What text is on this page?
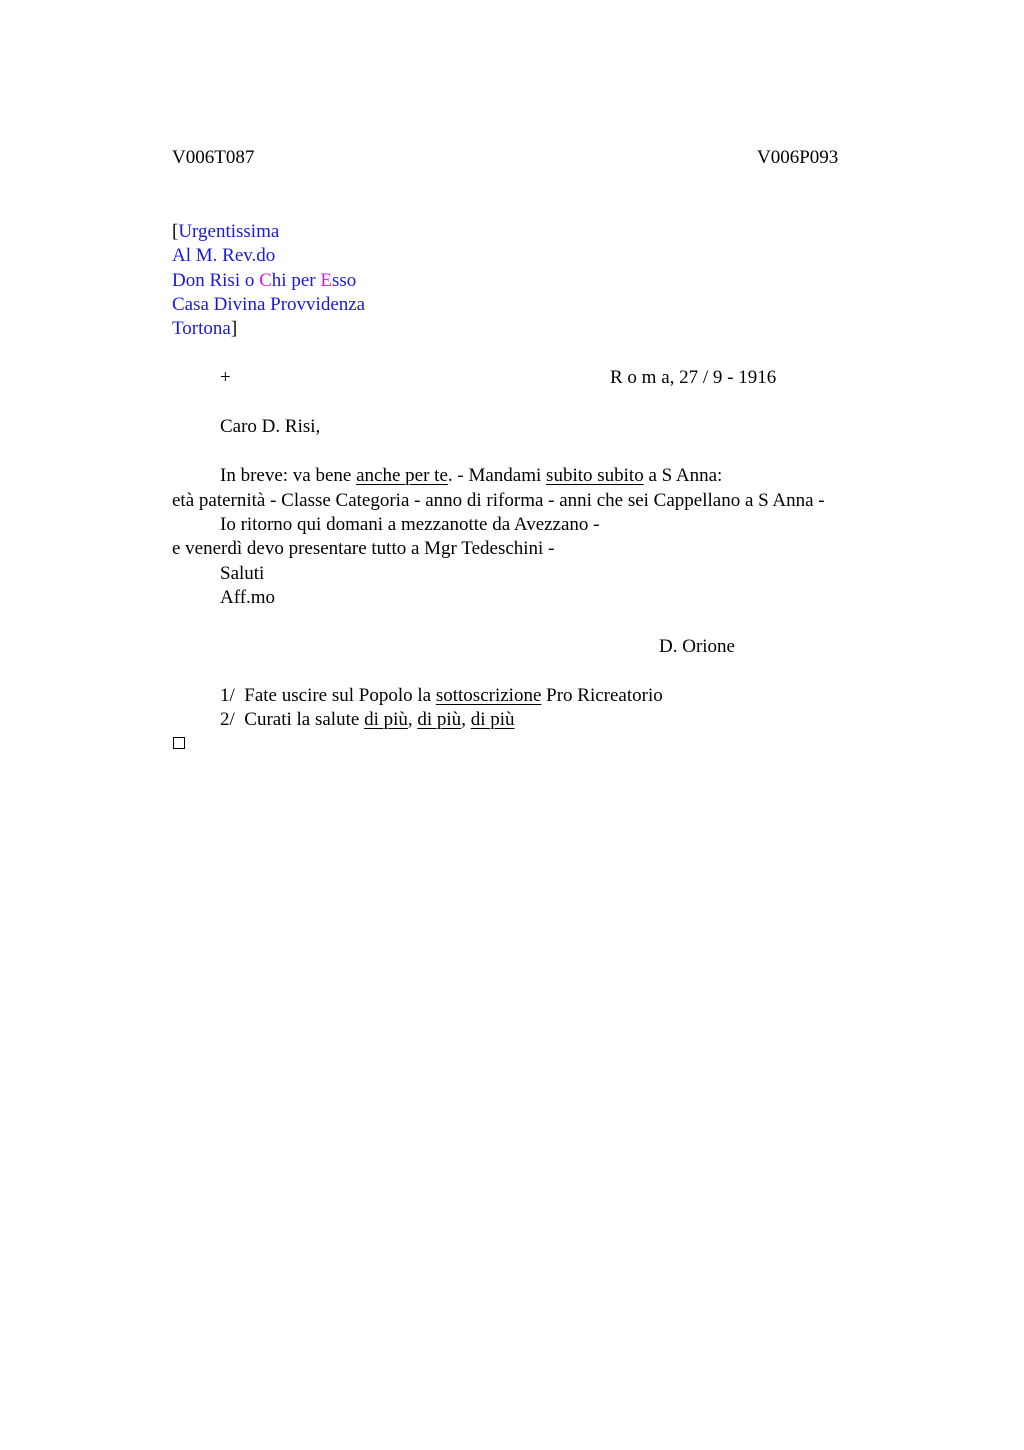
V006T087	V006P093
[Urgentissima
Al M. Rev.do
Don Risi o Chi per Esso
Casa Divina Provvidenza
Tortona]
+	R o m a, 27 / 9 - 1916
Caro D. Risi,
In breve: va bene anche per te. - Mandami subito subito a S Anna:
età paternità - Classe Categoria - anno di riforma - anni che sei Cappellano a S Anna -
Io ritorno qui domani a mezzanotte da Avezzano -
e venerdì devo presentare tutto a Mgr Tedeschini -
Saluti
Aff.mo
D. Orione
1/ Fate uscire sul Popolo la sottoscrizione Pro Ricreatorio
2/ Curati la salute di più, di più, di più
